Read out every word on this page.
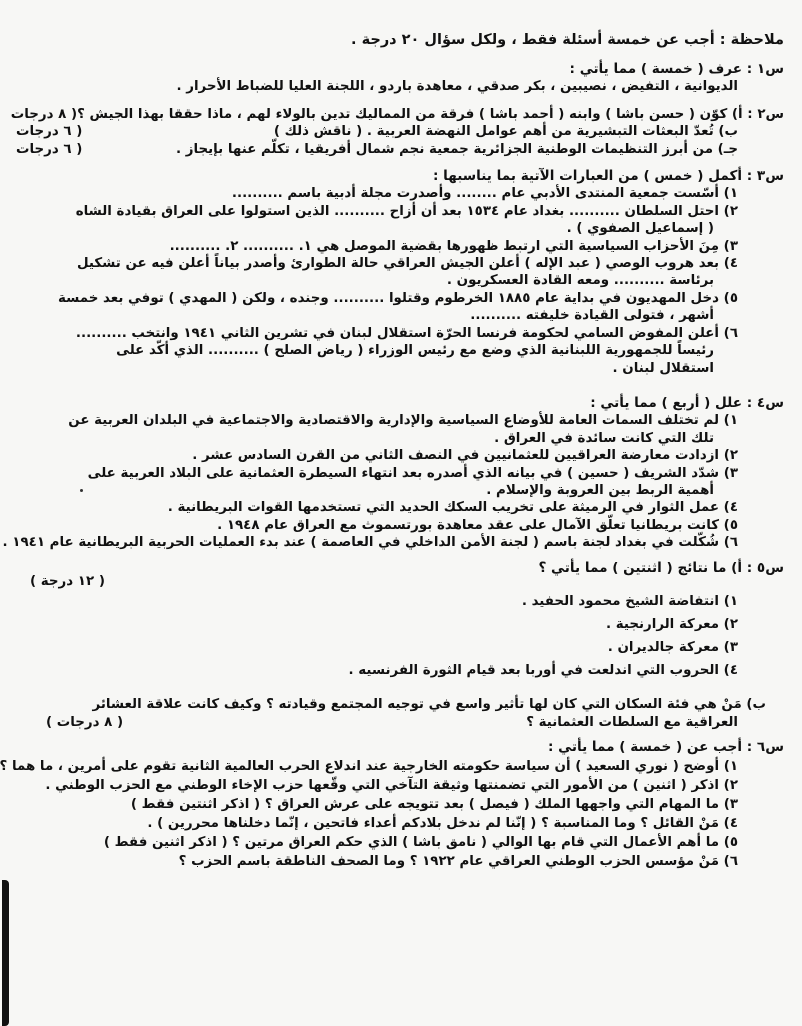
ملاحظة : أجب عن خمسة أسئلة فقط ، ولكل سؤال ٢٠ درجة .
س١ : عرف ( خمسة ) مما يأتي :
الديوانية ، التفيض ، نصيبين ، بكر صدقي ، معاهدة باردو ، اللجنة العليا للضباط الأحرار .
س٢ : أ) كوّن ( حسن باشا ) وابنه ( أحمد باشا ) فرقة من المماليك تدين بالولاء لهم ، ماذا حققا بهذا الجيش ؟
( ٨ درجات
ب) تُعدّ البعثات التبشيرية من أهم عوامل النهضة العربية . ( ناقش ذلك )
( ٦ درجات
جـ) من أبرز التنظيمات الوطنية الجزائرية جمعية نجم شمال أفريقيا ، تكلّم عنها بإيجاز .
( ٦ درجات
س٣ : أكمل ( خمس ) من العبارات الآتية بما يناسبها :
١) أسّست جمعية المنتدى الأدبي عام ........ وأصدرت مجلة أدبية باسم ..........
٢) احتل السلطان .......... بغداد عام ١٥٣٤ بعد أن أزاح .......... الذين استولوا على العراق بقيادة الشاه
( إسماعيل الصفوي ) .
٣) مِنَ الأحزاب السياسية التي ارتبط ظهورها بقضية الموصل هي ١. .......... ٢. ..........
٤) بعد هروب الوصي ( عبد الإله ) أعلن الجيش العراقي حالة الطوارئ وأصدر بياناً أعلن فيه عن تشكيل
برئاسة .......... ومعه القادة العسكريون .
٥) دخل المهديون في بداية عام ١٨٨٥ الخرطوم وقتلوا .......... وجنده ، ولكن ( المهدي ) توفي بعد خمسة
أشهر ، فتولى القيادة خليفته ..........
٦) أعلن المفوض السامي لحكومة فرنسا الحرّة استقلال لبنان في تشرين الثاني ١٩٤١ وانتخب ..........
رئيساً للجمهورية اللبنانية الذي وضع مع رئيس الوزراء ( رياض الصلح ) .......... الذي أكّد على
استقلال لبنان .
س٤ : علل ( أربع ) مما يأتي :
١) لم تختلف السمات العامة للأوضاع السياسية والإدارية والاقتصادية والاجتماعية في البلدان العربية عن
تلك التي كانت سائدة في العراق .
٢) ازدادت معارضة العراقيين للعثمانيين في النصف الثاني من القرن السادس عشر .
٣) شدّد الشريف ( حسين ) في بيانه الذي أصدره بعد انتهاء السيطرة العثمانية على البلاد العربية على
أهمية الربط بين العروبة والإسلام .
٤) عمل الثوار في الرميثة على تخريب السكك الحديد التي تستخدمها القوات البريطانية .
٥) كانت بريطانيا تعلّق الآمال على عقد معاهدة بورتسموث مع العراق عام ١٩٤٨ .
٦) شُكّلت في بغداد لجنة باسم ( لجنة الأمن الداخلي في العاصمة ) عند بدء العمليات الحربية البريطانية عام ١٩٤١ .
س٥ : أ) ما نتائج ( اثنتين ) مما يأتي ؟
( ١٢ درجة )
١) انتفاضة الشيخ محمود الحفيد .
٢) معركة الرارنجية .
٣) معركة جالديران .
٤) الحروب التي اندلعت في أوربا بعد قيام الثورة الفرنسيه .
ب) مَنْ هي فئة السكان التي كان لها تأثير واسع في توجيه المجتمع وقيادته ؟ وكيف كانت علاقة العشائر
العراقية مع السلطات العثمانية ؟
( ٨ درجات )
س٦ : أجب عن ( خمسة ) مما يأتي :
١) أوضح ( نوري السعيد ) أن سياسة حكومته الخارجية عند اندلاع الحرب العالمية الثانية تقوم على أمرين ، ما هما ؟
٢) اذكر ( اثنين ) من الأمور التي تضمنتها وثيقة التآخي التي وقّعها حزب الإخاء الوطني مع الحزب الوطني .
٣) ما المهام التي واجهها الملك ( فيصل ) بعد تتويجه على عرش العراق ؟ ( اذكر اثنتين فقط )
٤) مَنْ القائل ؟ وما المناسبة ؟ ( إنّنا لم ندخل بلادكم أعداء فاتحين ، إنّما دخلناها محررين ) .
٥) ما أهم الأعمال التي قام بها الوالي ( نامق باشا ) الذي حكم العراق مرتين ؟ ( اذكر اثنين فقط )
٦) مَنْ مؤسس الحزب الوطني العراقي عام ١٩٢٢ ؟ وما الصحف الناطقة باسم الحزب ؟
